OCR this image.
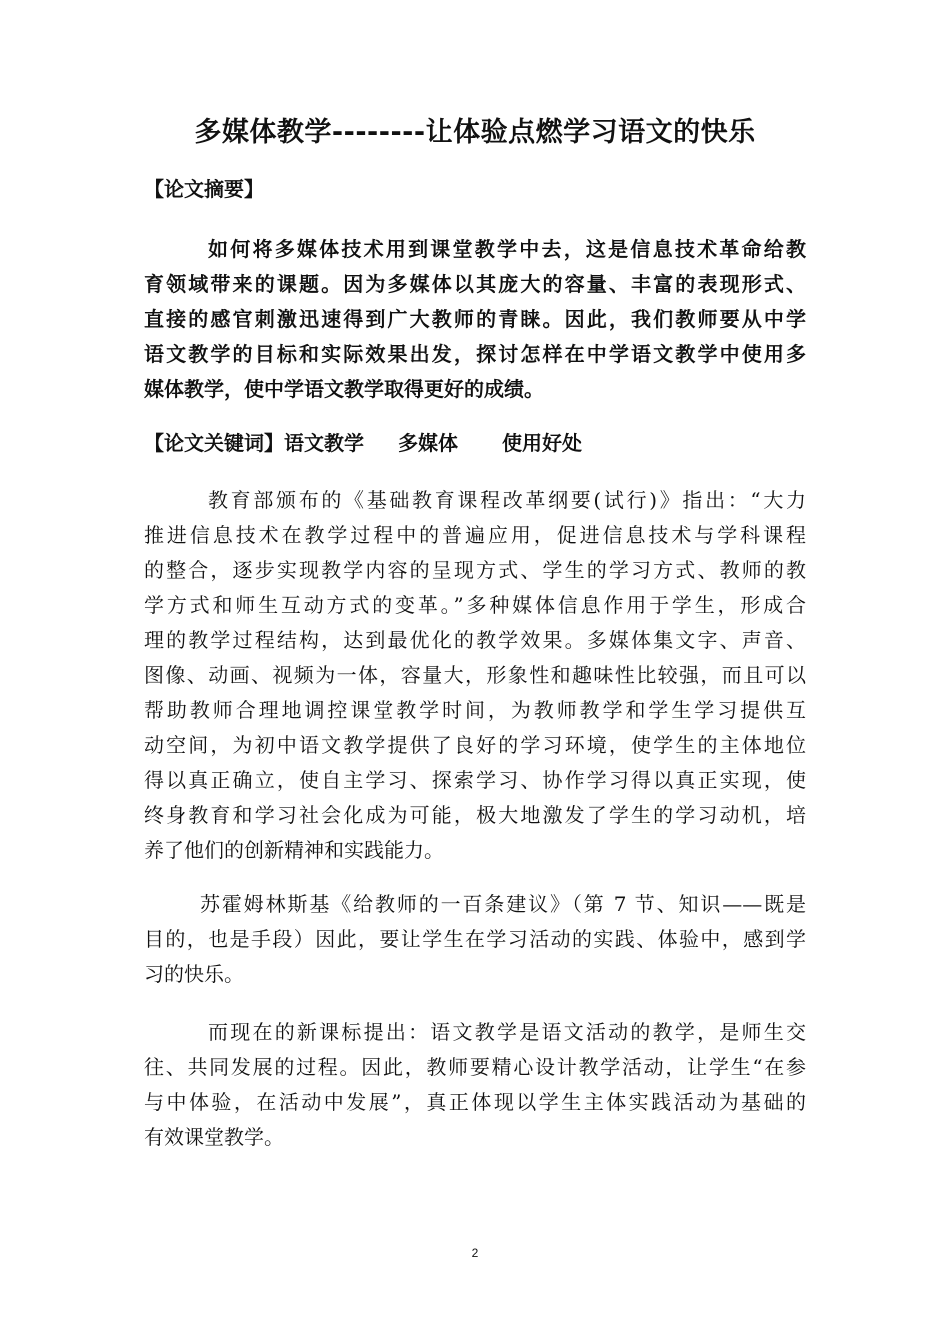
多媒体教学--------让体验点燃学习语文的快乐
【论文摘要】
如何将多媒体技术用到课堂教学中去，这是信息技术革命给教
育领域带来的课题。因为多媒体以其庞大的容量、丰富的表现形式、
直接的感官刺激迅速得到广大教师的青睐。因此，我们教师要从中学
语文教学的目标和实际效果出发，探讨怎样在中学语文教学中使用多
媒体教学，使中学语文教学取得更好的成绩。
【论文关键词】语文教学 多媒体 使用好处
教育部颁布的《基础教育课程改革纲要(试行)》指出：“大力
推进信息技术在教学过程中的普遍应用，促进信息技术与学科课程
的整合，逐步实现教学内容的呈现方式、学生的学习方式、教师的教
学方式和师生互动方式的变革。”多种媒体信息作用于学生，形成合
理的教学过程结构，达到最优化的教学效果。多媒体集文字、声音、
图像、动画、视频为一体，容量大，形象性和趣味性比较强，而且可以
帮助教师合理地调控课堂教学时间，为教师教学和学生学习提供互
动空间，为初中语文教学提供了良好的学习环境，使学生的主体地位
得以真正确立，使自主学习、探索学习、协作学习得以真正实现，使
终身教育和学习社会化成为可能，极大地激发了学生的学习动机，培
养了他们的创新精神和实践能力。
苏霍姆林斯基《给教师的一百条建议》（第 7 节、知识——既是
目的，也是手段）因此，要让学生在学习活动的实践、体验中，感到学
习的快乐。
而现在的新课标提出：语文教学是语文活动的教学，是师生交
往、共同发展的过程。因此，教师要精心设计教学活动，让学生“在参
与中体验，在活动中发展”，真正体现以学生主体实践活动为基础的
有效课堂教学。
2
